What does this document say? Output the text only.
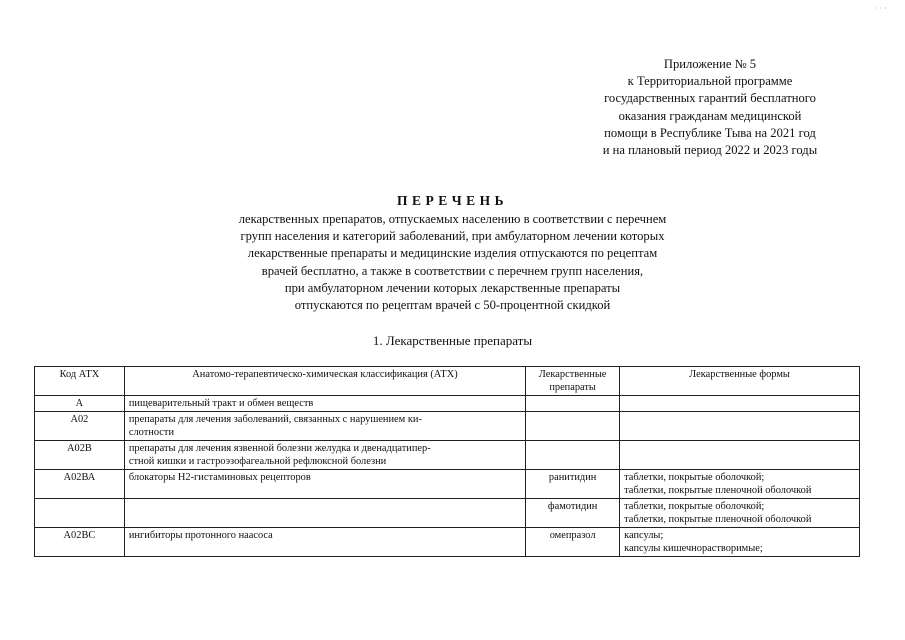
· · ·
Приложение № 5
к Территориальной программе
государственных гарантий бесплатного
оказания гражданам медицинской
помощи в Республике Тыва на 2021 год
и на плановый период 2022 и 2023 годы
ПЕРЕЧЕНЬ
лекарственных препаратов, отпускаемых населению в соответствии с перечнем
групп населения и категорий заболеваний, при амбулаторном лечении которых
лекарственные препараты и медицинские изделия отпускаются по рецептам
врачей бесплатно, а также в соответствии с перечнем групп населения,
при амбулаторном лечении которых лекарственные препараты
отпускаются по рецептам врачей с 50-процентной скидкой
1. Лекарственные препараты
Код АТХ	Анатомо-терапевтическо-химическая классификация (АТХ)	Лекарственные препараты	Лекарственные формы
А	пищеварительный тракт и обмен веществ		

А02	препараты для лечения заболеваний, связанных с нарушением ки-
слотности		

А02В	препараты для лечения язвенной болезни желудка и двенадцатипер-
стной кишки и гастроэзофагеальной рефлюксной болезни		

А02ВА	блокаторы Н2-гистаминовых рецепторов	ранитидин	таблетки, покрытые оболочкой;
таблетки, покрытые пленочной оболочкой

		фамотидин	таблетки, покрытые оболочкой;
таблетки, покрытые пленочной оболочкой

А02ВС	ингибиторы протонного наасоса	омепразол	капсулы;
капсулы кишечнорастворимые;
